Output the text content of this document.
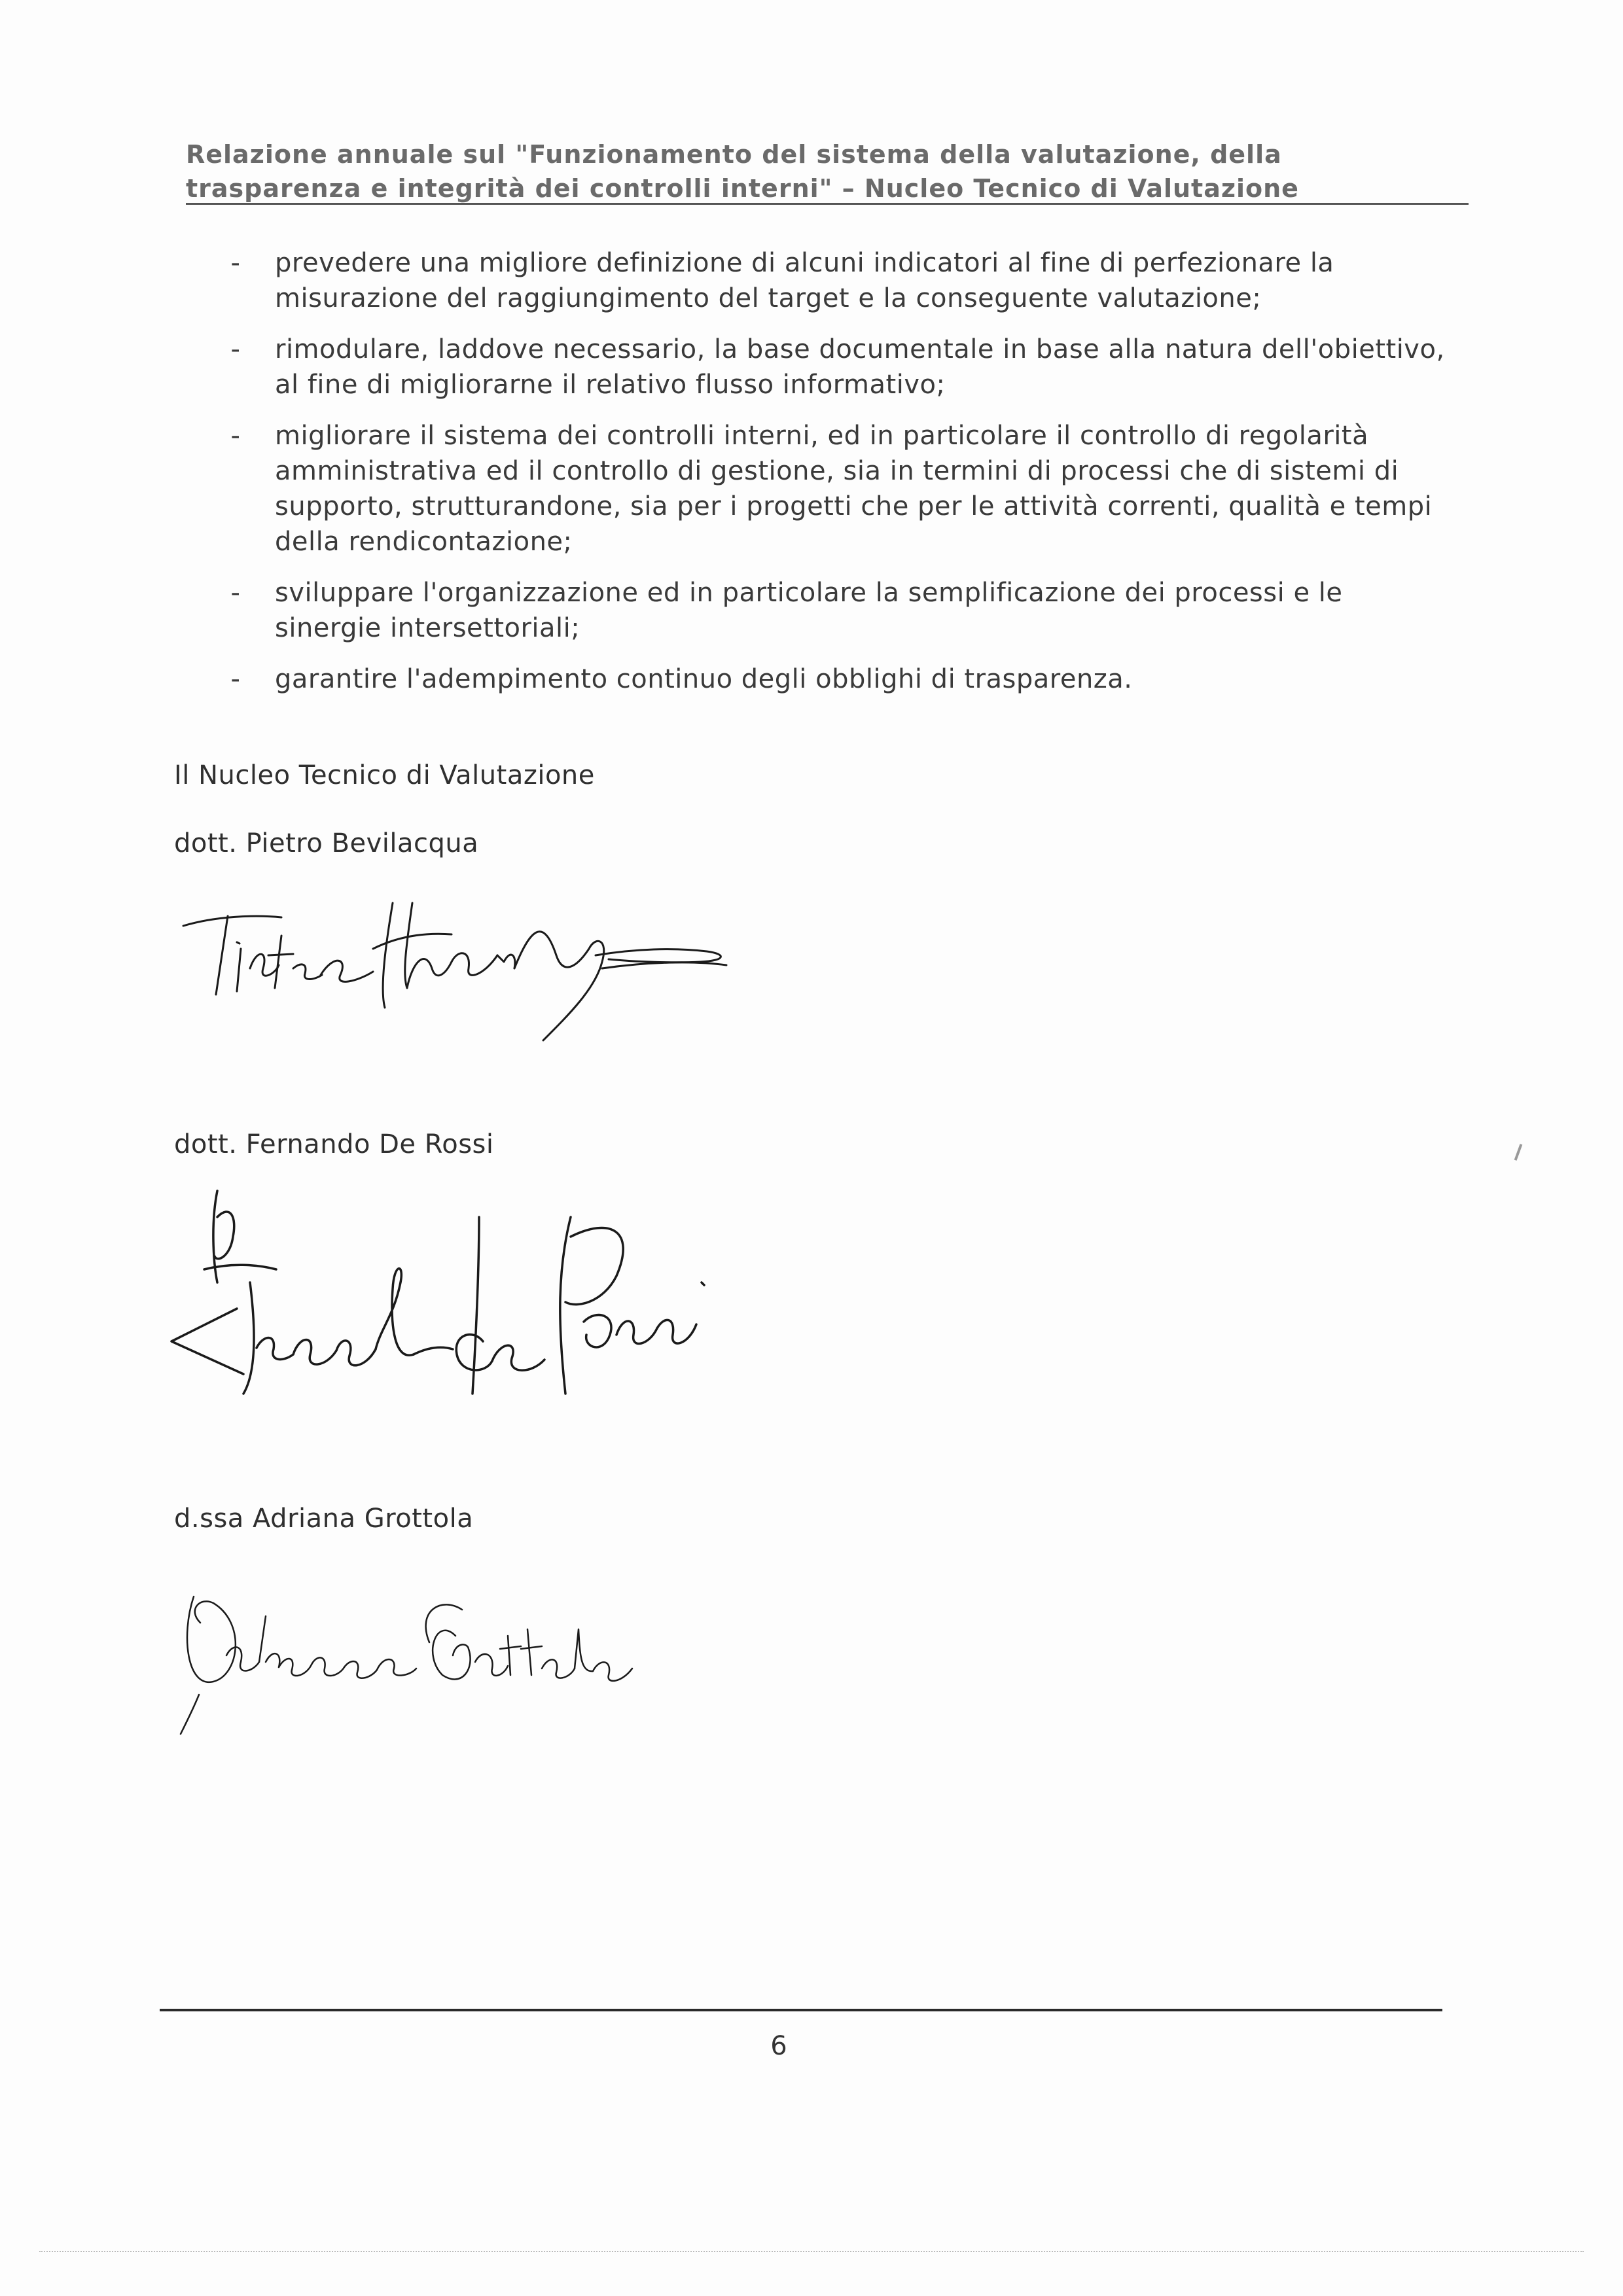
Relazione annuale sul "Funzionamento del sistema della valutazione, della
trasparenza e integrità dei controlli interni" – Nucleo Tecnico di Valutazione
-	prevedere una migliore definizione di alcuni indicatori al fine di perfezionare la misurazione del raggiungimento del target e la conseguente valutazione;
-	rimodulare, laddove necessario, la base documentale in base alla natura dell'obiettivo, al fine di migliorarne il relativo flusso informativo;
-	migliorare il sistema dei controlli interni, ed in particolare il controllo di regolarità amministrativa ed il controllo di gestione, sia in termini di processi che di sistemi di supporto, strutturandone, sia per i progetti che per le attività correnti, qualità e tempi della rendicontazione;
-	sviluppare l'organizzazione ed in particolare la semplificazione dei processi e le sinergie intersettoriali;
-	garantire l'adempimento continuo degli obblighi di trasparenza.
Il Nucleo Tecnico di Valutazione
dott. Pietro Bevilacqua
dott. Fernando De Rossi
d.ssa Adriana Grottola
6
